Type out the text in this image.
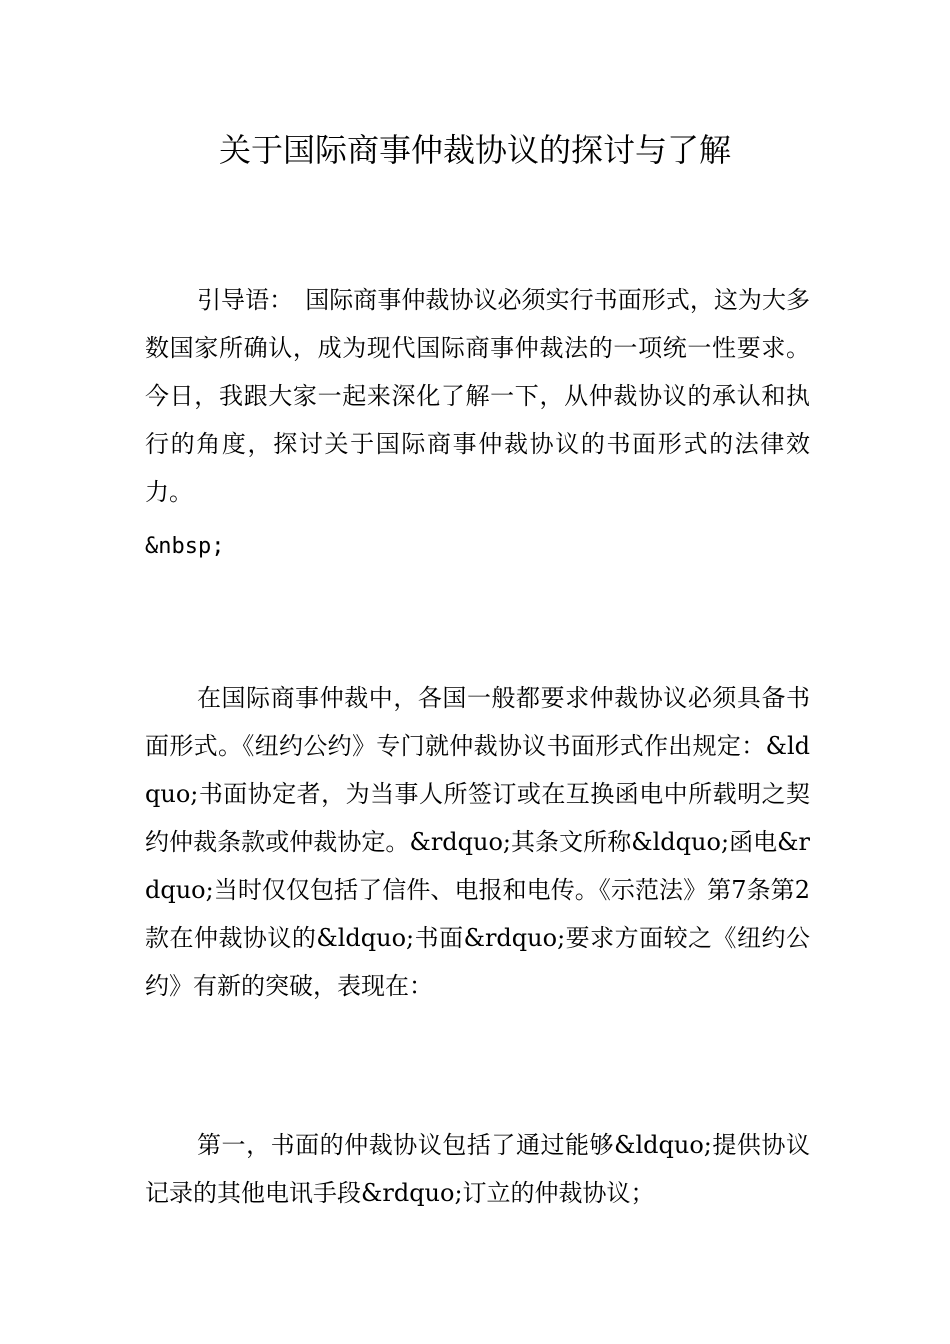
关于国际商事仲裁协议的探讨与了解

引导语：　国际商事仲裁协议必须实行书面形式，这为大多数国家所确认，成为现代国际商事仲裁法的一项统一性要求。今日，我跟大家一起来深化了解一下，从仲裁协议的承认和执行的角度，探讨关于国际商事仲裁协议的书面形式的法律效力。

&nbsp;

在国际商事仲裁中，各国一般都要求仲裁协议必须具备书面形式。《纽约公约》专门就仲裁协议书面形式作出规定：&ldquo;书面协定者，为当事人所签订或在互换函电中所载明之契约仲裁条款或仲裁协定。&rdquo;其条文所称&ldquo;函电&rdquo;当时仅仅包括了信件、电报和电传。《示范法》第7条第2款在仲裁协议的&ldquo;书面&rdquo;要求方面较之《纽约公约》有新的突破，表现在：

第一，书面的仲裁协议包括了通过能够&ldquo;提供协议记录的其他电讯手段&rdquo;订立的仲裁协议；
